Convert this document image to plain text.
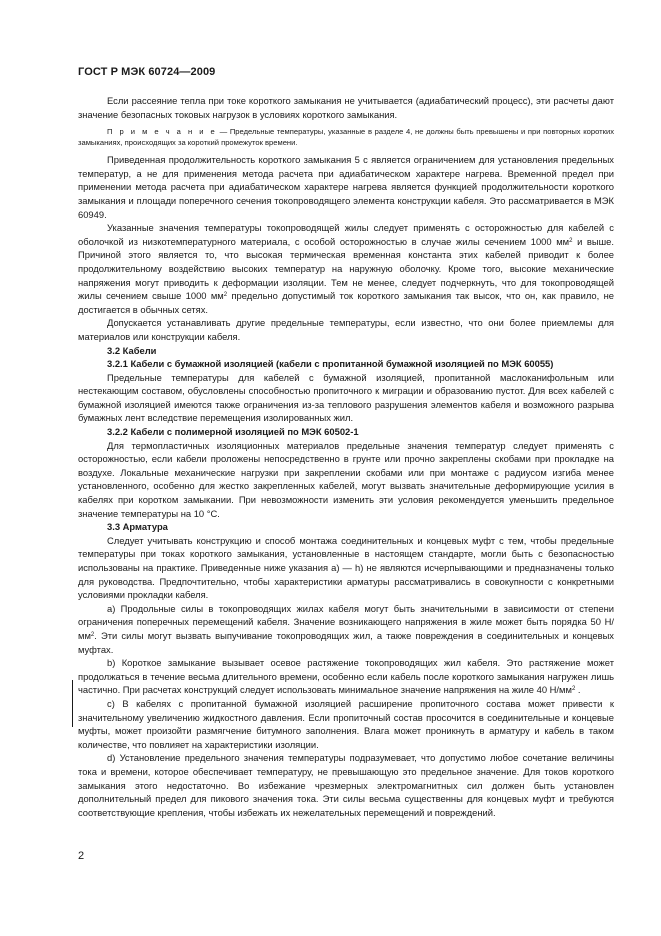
ГОСТ Р МЭК 60724—2009

Если рассеяние тепла при токе короткого замыкания не учитывается (адиабатический процесс), эти расчеты дают значение безопасных токовых нагрузок в условиях короткого замыкания.

П р и м е ч а н и е — Предельные температуры, указанные в разделе 4, не должны быть превышены и при повторных коротких замыканиях, происходящих за короткий промежуток времени.

Приведенная продолжительность короткого замыкания 5 с является ограничением для установления предельных температур, а не для применения метода расчета при адиабатическом характере нагрева. Временной предел при применении метода расчета при адиабатическом характере нагрева является функцией продолжительности короткого замыкания и площади поперечного сечения токопроводящего элемента конструкции кабеля. Это рассматривается в МЭК 60949.

Указанные значения температуры токопроводящей жилы следует применять с осторожностью для кабелей с оболочкой из низкотемпературного материала, с особой осторожностью в случае жилы сечением 1000 $мм^2$ и выше. Причиной этого является то, что высокая термическая временная константа этих кабелей приводит к более продолжительному воздействию высоких температур на наружную оболочку. Кроме того, высокие механические напряжения могут приводить к деформации изоляции. Тем не менее, следует подчеркнуть, что для токопроводящей жилы сечением свыше 1000 $мм^2$ предельно допустимый ток короткого замыкания так высок, что он, как правило, не достигается в обычных сетях.

Допускается устанавливать другие предельные температуры, если известно, что они более приемлемы для материалов или конструкции кабеля.

3.2 Кабели

3.2.1 Кабели с бумажной изоляцией (кабели с пропитанной бумажной изоляцией по МЭК 60055)

Предельные температуры для кабелей с бумажной изоляцией, пропитанной маслоканифольным или нестекающим составом, обусловлены способностью пропиточного к миграции и образованию пустот. Для всех кабелей с бумажной изоляцией имеются также ограничения из-за теплового разрушения элементов кабеля и возможного разрыва бумажных лент вследствие перемещения изолированных жил.

3.2.2 Кабели с полимерной изоляцией по МЭК 60502-1

Для термопластичных изоляционных материалов предельные значения температур следует применять с осторожностью, если кабели проложены непосредственно в грунте или прочно закреплены скобами при прокладке на воздухе. Локальные механические нагрузки при закреплении скобами или при монтаже с радиусом изгиба менее установленного, особенно для жестко закрепленных кабелей, могут вызвать значительные деформирующие усилия в кабелях при коротком замыкании. При невозможности изменить эти условия рекомендуется уменьшить предельное значение температуры на 10 °С.

3.3 Арматура

Следует учитывать конструкцию и способ монтажа соединительных и концевых муфт с тем, чтобы предельные температуры при токах короткого замыкания, установленные в настоящем стандарте, могли быть с безопасностью использованы на практике. Приведенные ниже указания а) — h) не являются исчерпывающими и предназначены только для руководства. Предпочтительно, чтобы характеристики арматуры рассматривались в совокупности с конкретными условиями прокладки кабеля.

а) Продольные силы в токопроводящих жилах кабеля могут быть значительными в зависимости от степени ограничения поперечных перемещений кабеля. Значение возникающего напряжения в жиле может быть порядка 50 $Н/мм^2$. Эти силы могут вызвать выпучивание токопроводящих жил, а также повреждения в соединительных и концевых муфтах.

b) Короткое замыкание вызывает осевое растяжение токопроводящих жил кабеля. Это растяжение может продолжаться в течение весьма длительного времени, особенно если кабель после короткого замыкания нагружен лишь частично. При расчетах конструкций следует использовать минимальное значение напряжения на жиле 40 $Н/мм^2$ .

с) В кабелях с пропитанной бумажной изоляцией расширение пропиточного состава может привести к значительному увеличению жидкостного давления. Если пропиточный состав просочится в соединительные и концевые муфты, может произойти размягчение битумного заполнения. Влага может проникнуть в арматуру и кабель в таком количестве, что повлияет на характеристики изоляции.

d) Установление предельного значения температуры подразумевает, что допустимо любое сочетание величины тока и времени, которое обеспечивает температуру, не превышающую это предельное значение. Для токов короткого замыкания этого недостаточно. Во избежание чрезмерных электромагнитных сил должен быть установлен дополнительный предел для пикового значения тока. Эти силы весьма существенны для концевых муфт и требуются соответствующие крепления, чтобы избежать их нежелательных перемещений и повреждений.

2
